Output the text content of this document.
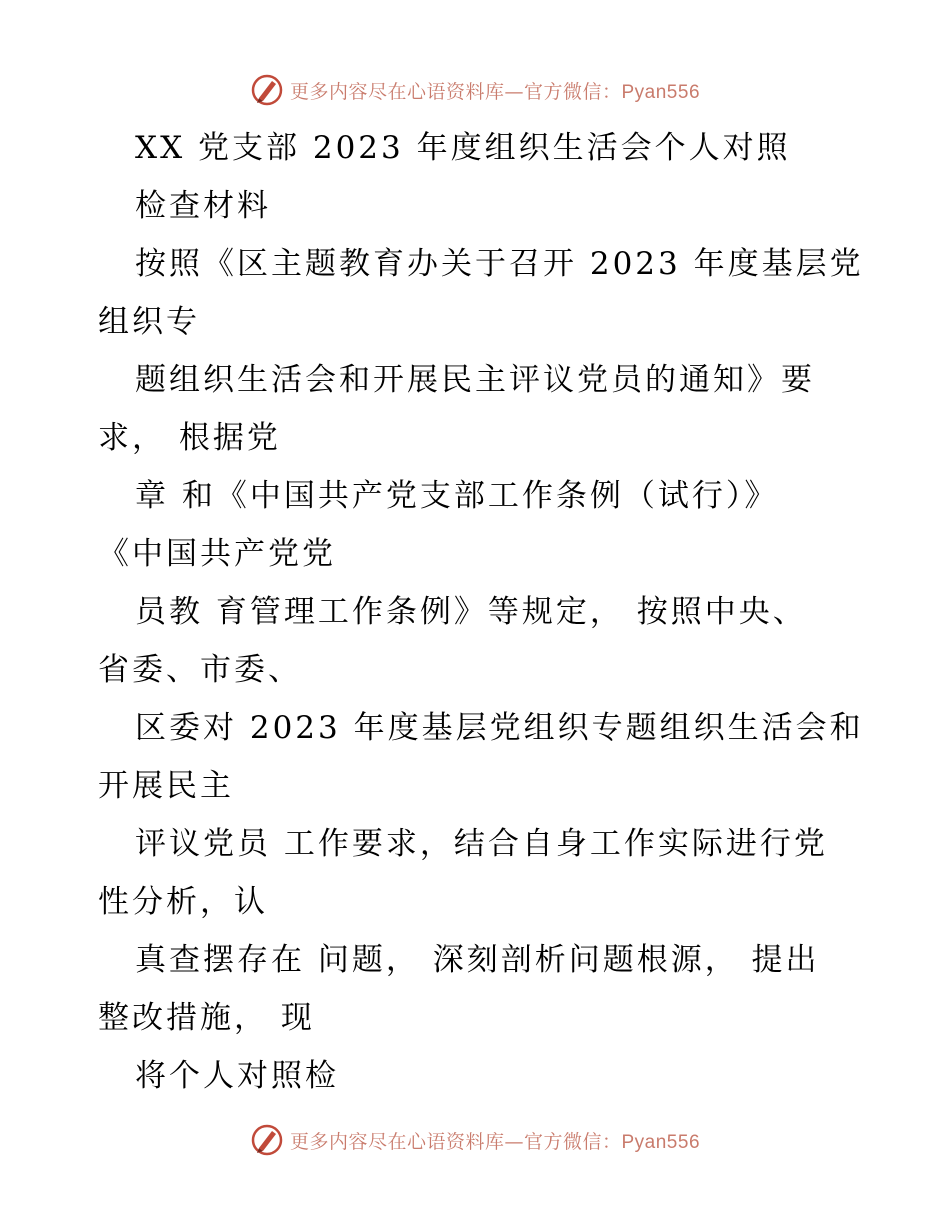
更多内容尽在心语资料库—官方微信：Pyan556
XX 党支部 2023 年度组织生活会个人对照
检查材料
按照《区主题教育办关于召开 2023 年度基层党
组织专
题组织生活会和开展民主评议党员的通知》要
求， 根据党
章 和《中国共产党支部工作条例（试行）》
《中国共产党党
员教 育管理工作条例》等规定， 按照中央、
省委、市委、
区委对 2023 年度基层党组织专题组织生活会和
开展民主
评议党员 工作要求，结合自身工作实际进行党
性分析，认
真查摆存在 问题， 深刻剖析问题根源， 提出
整改措施， 现
将个人对照检
更多内容尽在心语资料库—官方微信：Pyan556
